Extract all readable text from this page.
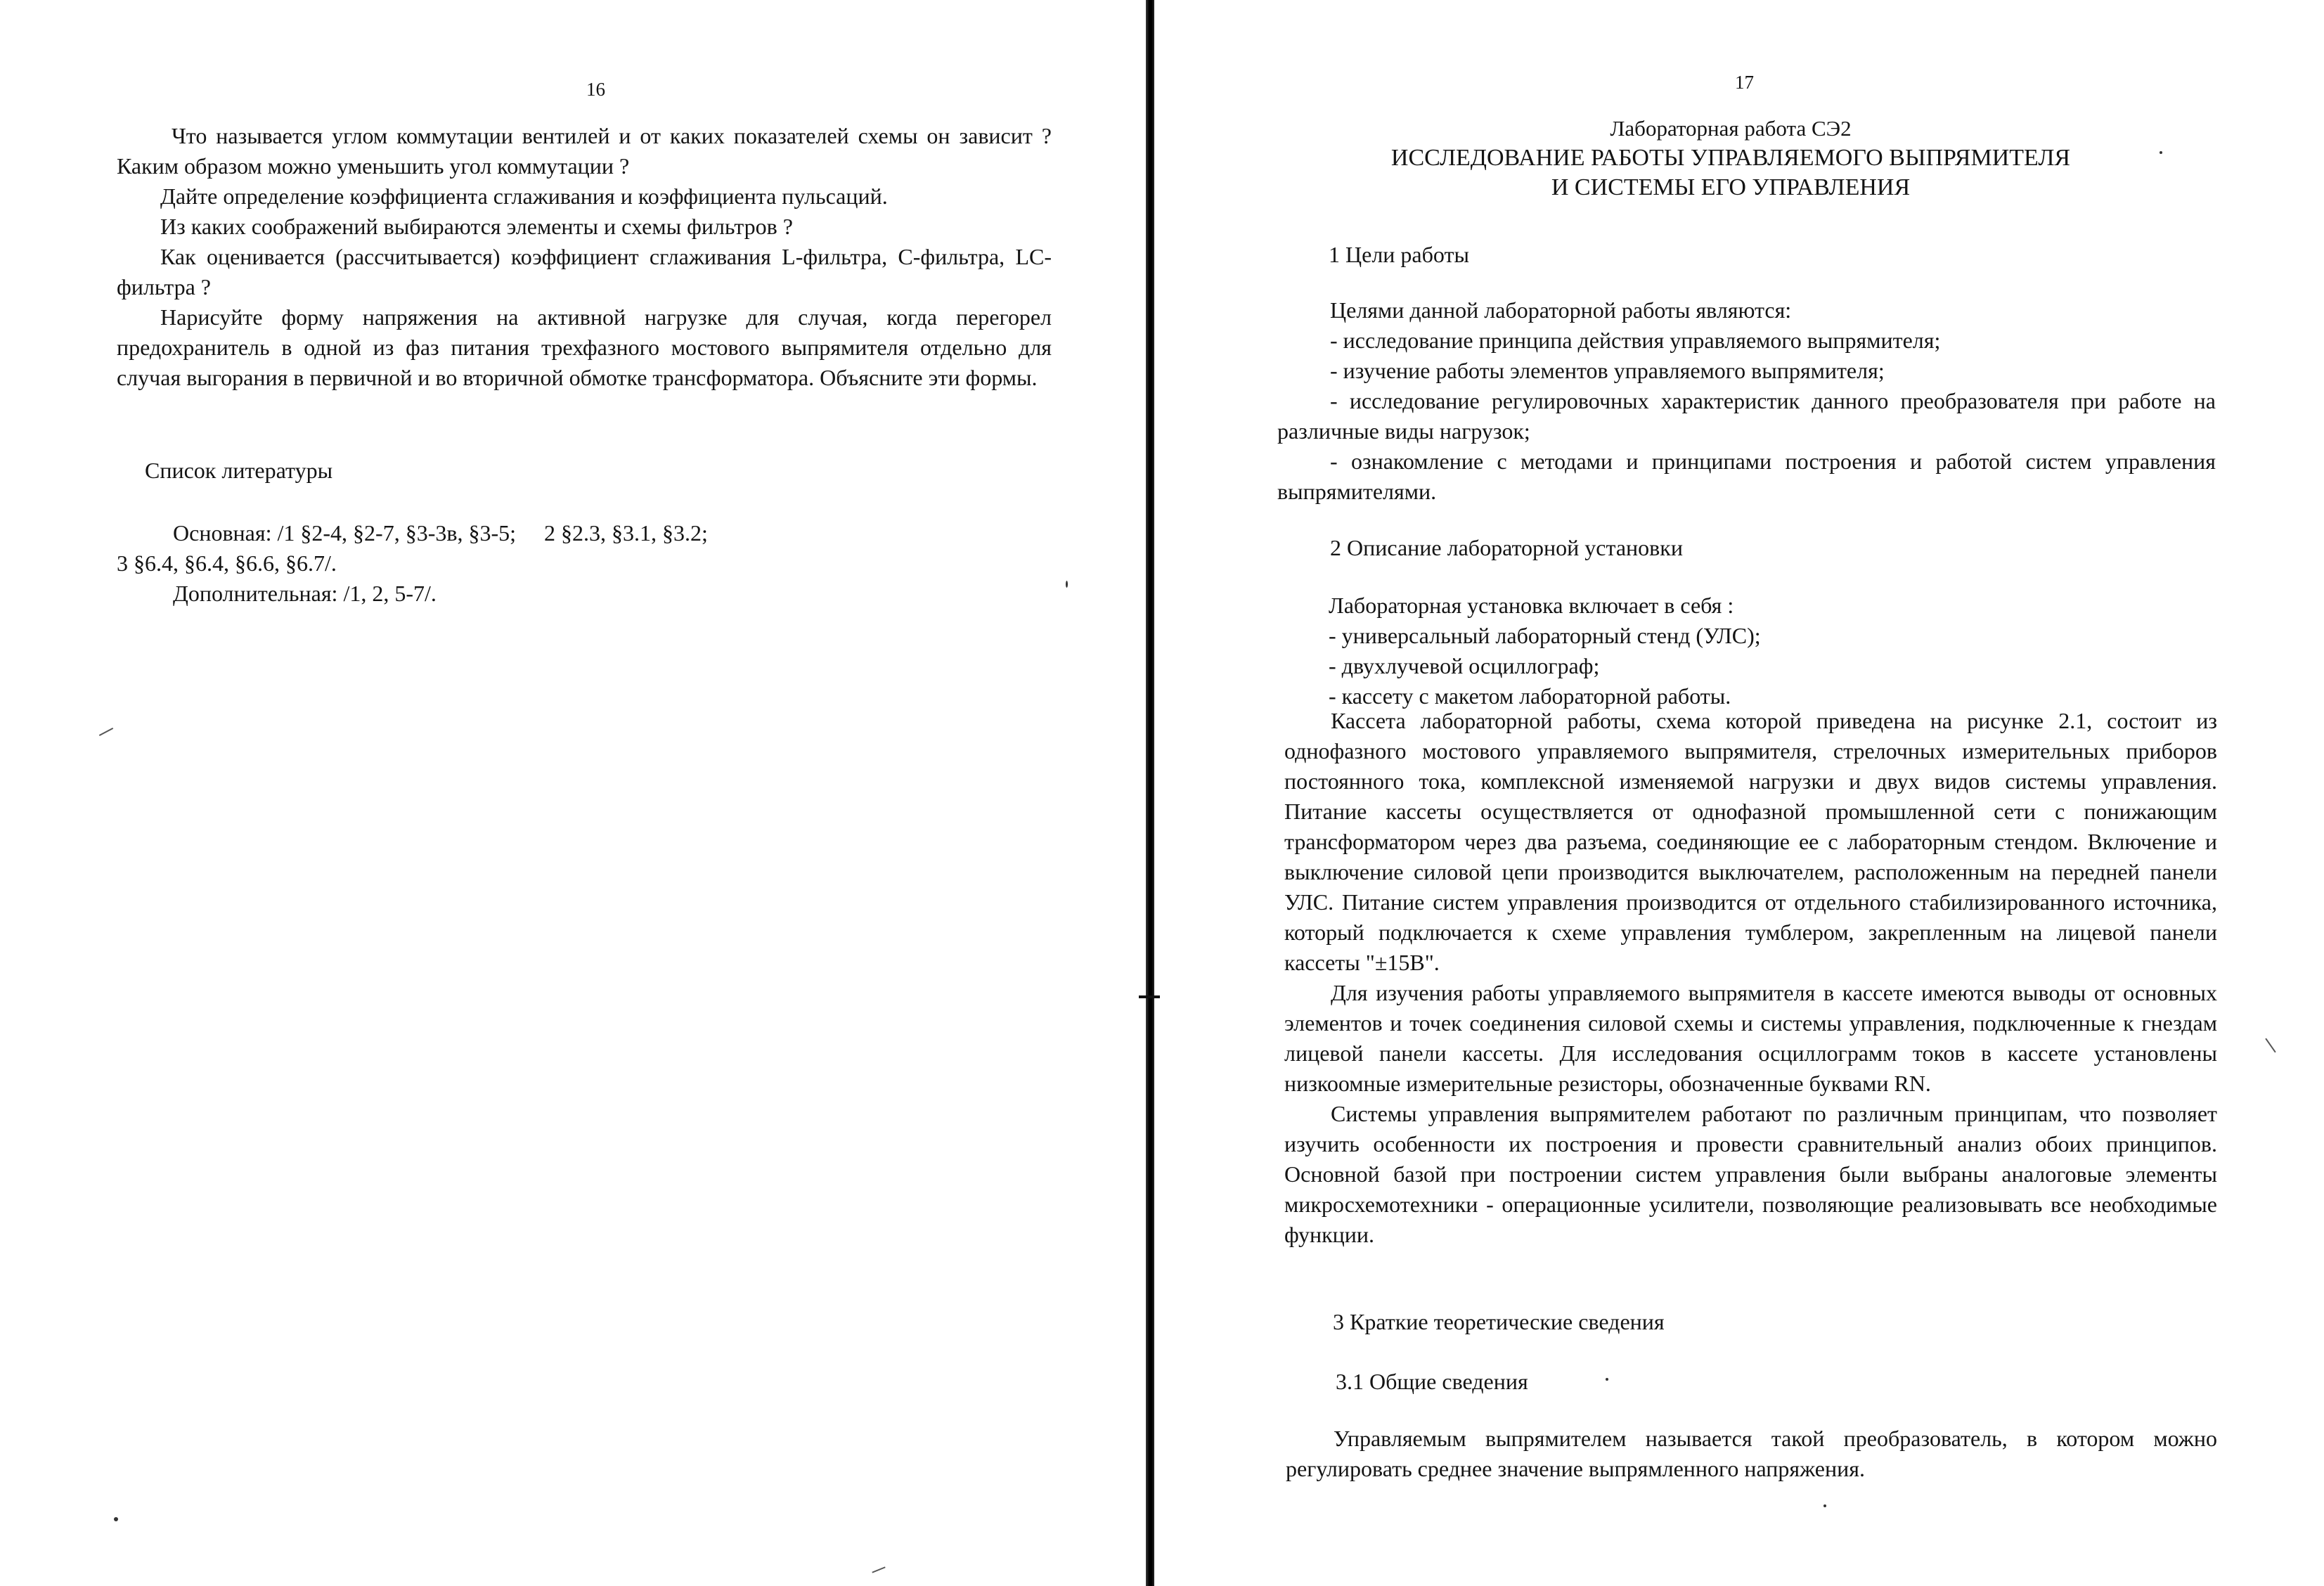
16

Что называется углом коммутации вентилей и от каких показателей схемы он зависит ? Каким образом можно уменьшить угол коммутации ?

Дайте определение коэффициента сглаживания и коэффициента пульсаций.

Из каких соображений выбираются элементы и схемы фильтров ?

Как оценивается (рассчитывается) коэффициент сглаживания L-фильтра, С-фильтра, LC-фильтра ?

Нарисуйте форму напряжения на активной нагрузке для случая, когда перегорел предохранитель в одной из фаз питания трехфазного мостового выпрямителя отдельно для случая выгорания в первичной и во вторичной обмотке трансформатора. Объясните эти формы.

Список литературы

Основная: /1 §2-4, §2-7, §3-3в, §3-5;     2 §2.3, §3.1, §3.2;

3 §6.4, §6.4, §6.6, §6.7/.

Дополнительная: /1, 2, 5-7/.

17
Лабораторная работа СЭ2
ИССЛЕДОВАНИЕ РАБОТЫ УПРАВЛЯЕМОГО ВЫПРЯМИТЕЛЯ
И СИСТЕМЫ ЕГО УПРАВЛЕНИЯ
1 Цели работы

Целями данной лабораторной работы являются:

- исследование принципа действия управляемого выпрямителя;

- изучение работы элементов управляемого выпрямителя;

- исследование регулировочных характеристик данного преобразователя при работе на различные виды нагрузок;

- ознакомление с методами и принципами построения и работой систем управления выпрямителями.

2 Описание лабораторной установки

Лабораторная установка включает в себя :

- универсальный лабораторный стенд (УЛС);

- двухлучевой осциллограф;

- кассету с макетом лабораторной работы.

Кассета лабораторной работы, схема которой приведена на рисунке 2.1, состоит из однофазного мостового управляемого выпрямителя, стрелочных измерительных приборов постоянного тока, комплексной изменяемой нагрузки и двух видов системы управления. Питание кассеты осуществляется от однофазной промышленной сети с понижающим трансформатором через два разъема, соединяющие ее с лабораторным стендом. Включение и выключение силовой цепи производится выключателем, расположенным на передней панели УЛС. Питание систем управления производится от отдельного стабилизированного источника, который подключается к схеме управления тумблером, закрепленным на лицевой панели кассеты "±15В".

Для изучения работы управляемого выпрямителя в кассете имеются выводы от основных элементов и точек соединения силовой схемы и системы управления, подключенные к гнездам лицевой панели кассеты. Для исследования осциллограмм токов в кассете установлены низкоомные измерительные резисторы, обозначенные буквами RN.

Системы управления выпрямителем работают по различным принципам, что позволяет изучить особенности их построения и провести сравнительный анализ обоих принципов. Основной базой при построении систем управления были выбраны аналоговые элементы микросхемотехники - операционные усилители, позволяющие реализовывать все необходимые функции.

3 Краткие теоретические сведения
3.1 Общие сведения

Управляемым выпрямителем называется такой преобразователь, в котором можно регулировать среднее значение выпрямленного напряжения.
